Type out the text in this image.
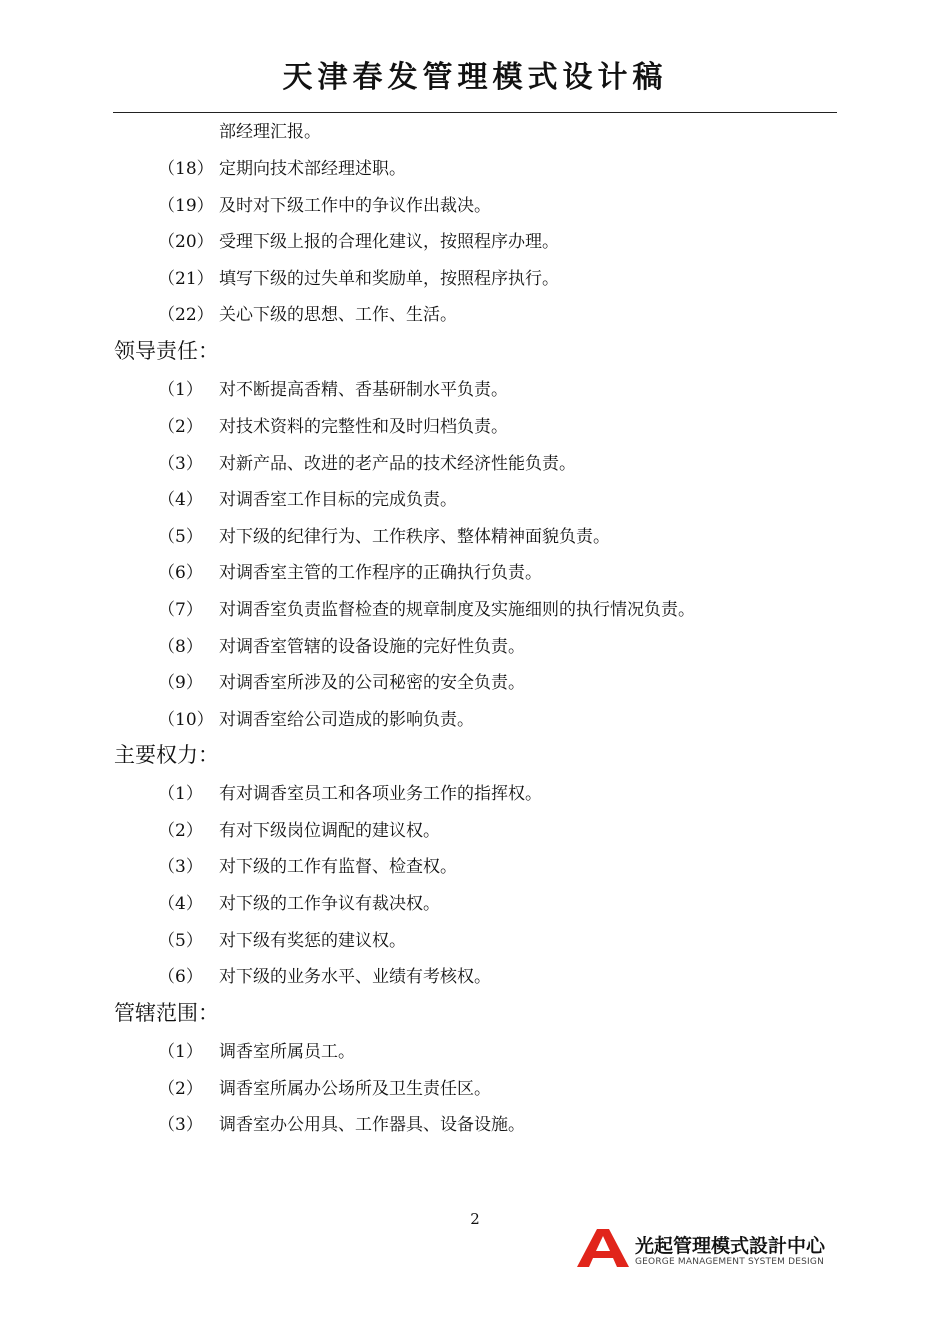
天津春发管理模式设计稿
部经理汇报。
（18） 定期向技术部经理述职。
（19） 及时对下级工作中的争议作出裁决。
（20） 受理下级上报的合理化建议，按照程序办理。
（21） 填写下级的过失单和奖励单，按照程序执行。
（22） 关心下级的思想、工作、生活。
领导责任：
（1） 对不断提高香精、香基研制水平负责。
（2） 对技术资料的完整性和及时归档负责。
（3） 对新产品、改进的老产品的技术经济性能负责。
（4） 对调香室工作目标的完成负责。
（5） 对下级的纪律行为、工作秩序、整体精神面貌负责。
（6） 对调香室主管的工作程序的正确执行负责。
（7） 对调香室负责监督检查的规章制度及实施细则的执行情况负责。
（8） 对调香室管辖的设备设施的完好性负责。
（9） 对调香室所涉及的公司秘密的安全负责。
（10） 对调香室给公司造成的影响负责。
主要权力：
（1） 有对调香室员工和各项业务工作的指挥权。
（2） 有对下级岗位调配的建议权。
（3） 对下级的工作有监督、检查权。
（4） 对下级的工作争议有裁决权。
（5） 对下级有奖惩的建议权。
（6） 对下级的业务水平、业绩有考核权。
管辖范围：
（1） 调香室所属员工。
（2） 调香室所属办公场所及卫生责任区。
（3） 调香室办公用具、工作器具、设备设施。
2
光起管理模式設計中心
GEORGE MANAGEMENT SYSTEM DESIGN
